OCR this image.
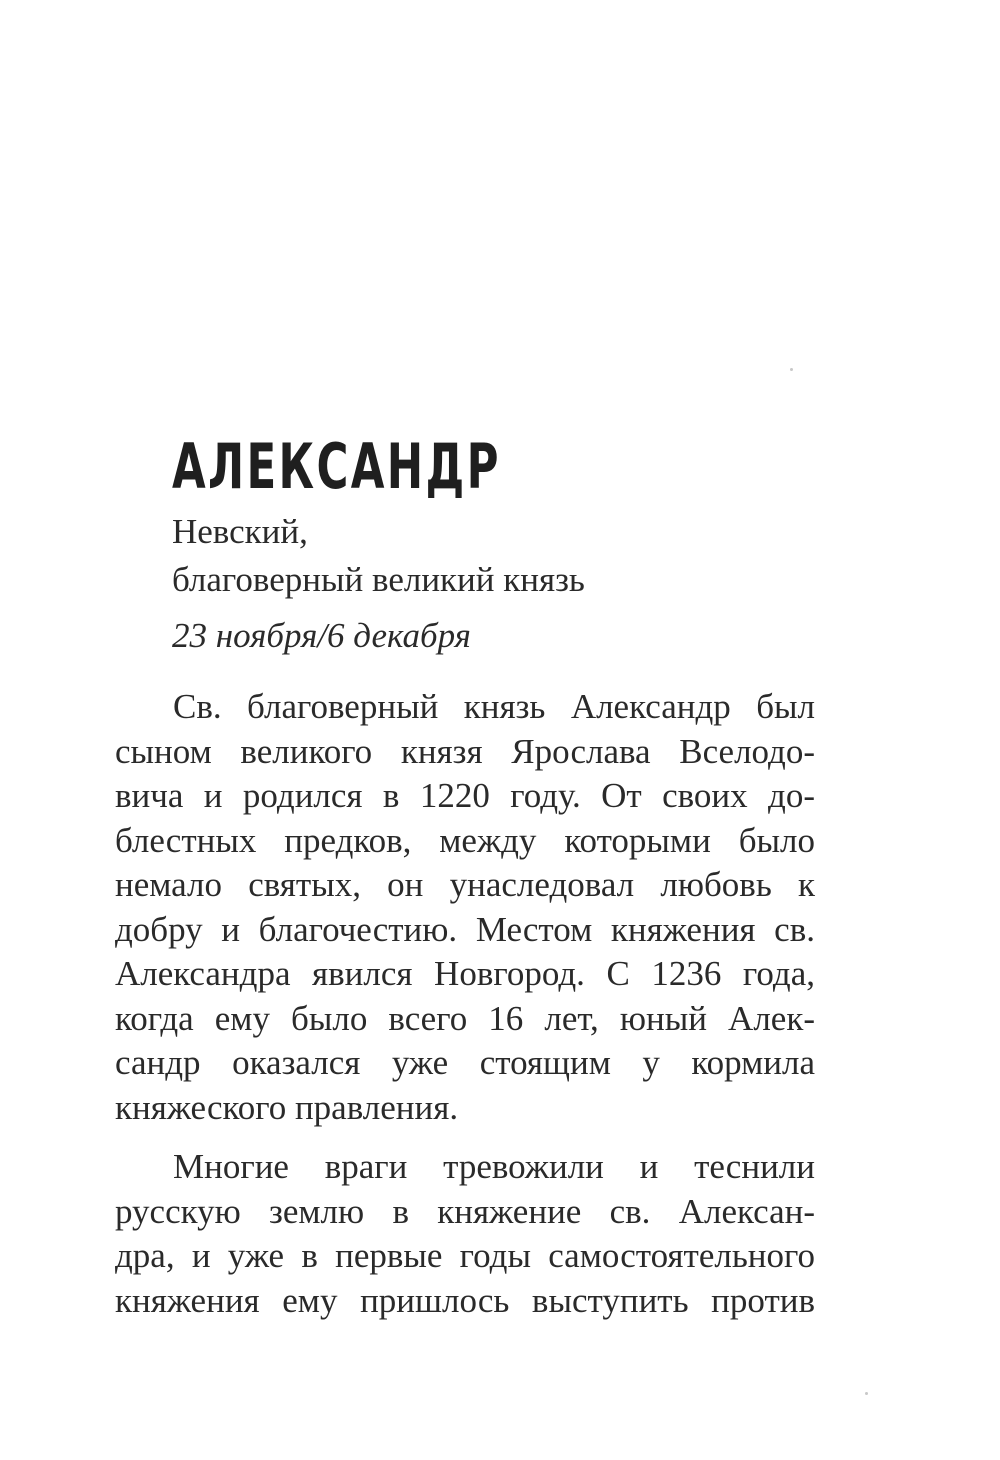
АЛЕКСАНДР
Невский,
благоверный великий князь
23 ноября/6 декабря
Св. благоверный князь Александр был
сыном великого князя Ярослава Вселодо-
вича и родился в 1220 году. От своих до-
блестных предков, между которыми было
немало святых, он унаследовал любовь к
добру и благочестию. Местом княжения св.
Александра явился Новгород. С 1236 года,
когда ему было всего 16 лет, юный Алек-
сандр оказался уже стоящим у кормила
княжеского правления.
Многие враги тревожили и теснили
русскую землю в княжение св. Алексан-
дра, и уже в первые годы самостоятельного
княжения ему пришлось выступить против
